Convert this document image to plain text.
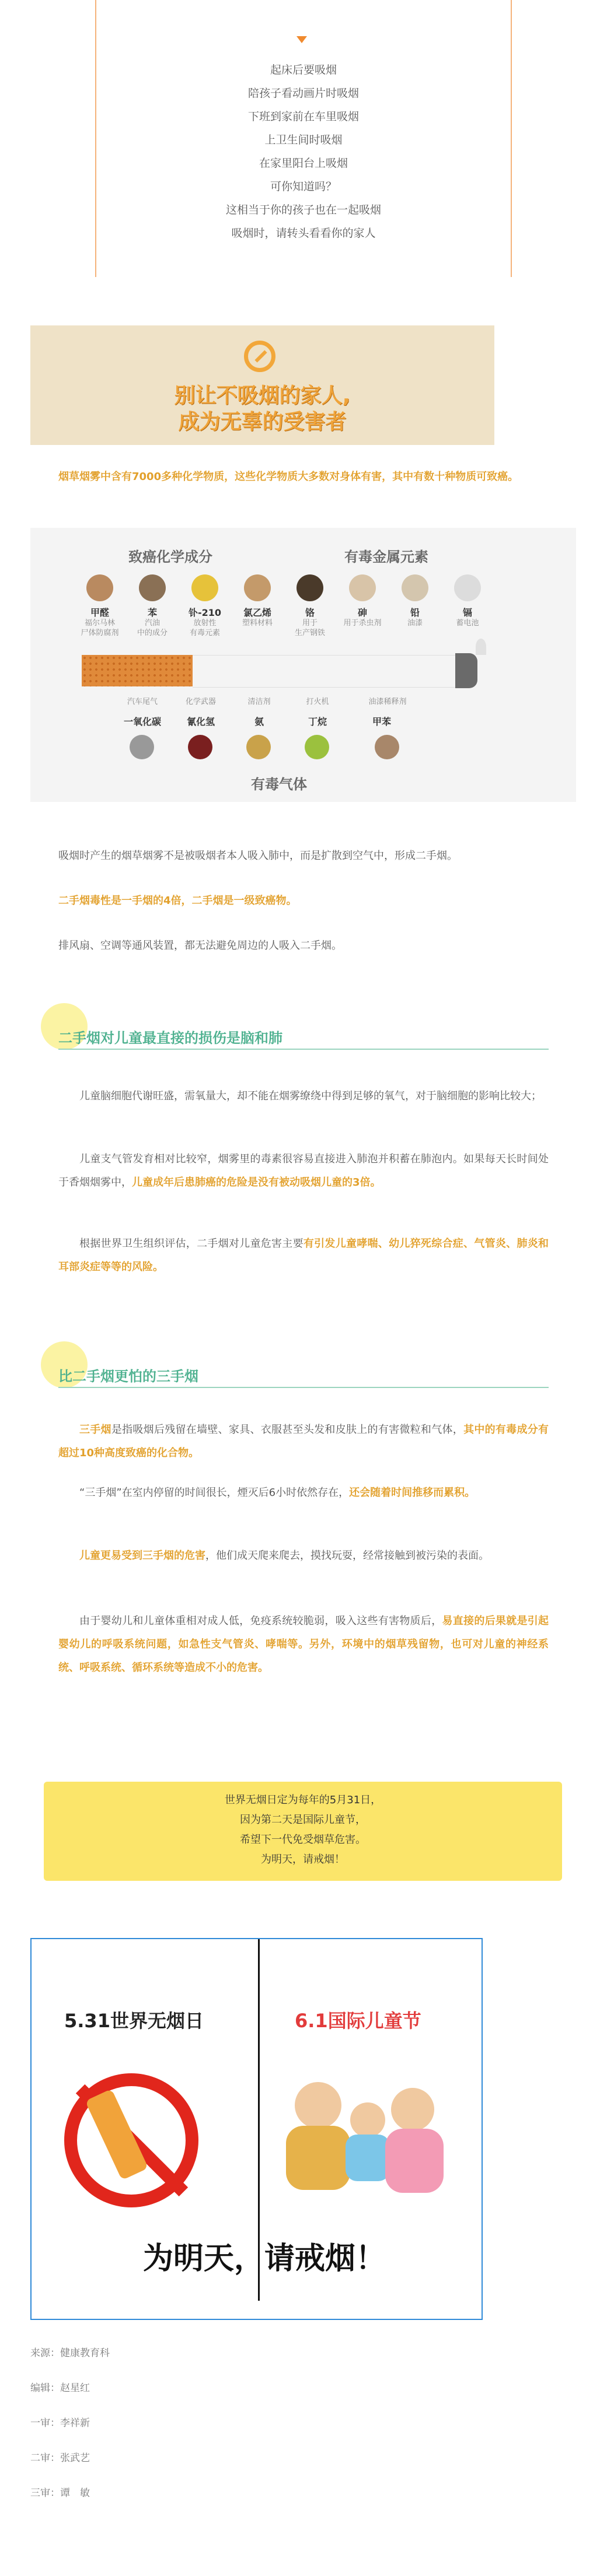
起床后要吸烟
陪孩子看动画片时吸烟
下班到家前在车里吸烟
上卫生间时吸烟
在家里阳台上吸烟
可你知道吗？
这相当于你的孩子也在一起吸烟
吸烟时，请转头看看你的家人
别让不吸烟的家人,
成为无辜的受害者
烟草烟雾中含有7000多种化学物质，这些化学物质大多数对身体有害，其中有数十种物质可致癌。
致癌化学成分	有毒金属元素
甲醛
福尔马林
尸体防腐剂
苯
汽油
中的成分
钋-210
放射性
有毒元素
氯乙烯
塑料材料
铬
用于
生产钢铁
砷
用于杀虫剂
铅
油漆
镉
蓄电池
汽车尾气	化学武器	清洁剂	打火机	油漆稀释剂
一氧化碳	氰化氢	氨	丁烷	甲苯
有毒气体
吸烟时产生的烟草烟雾不是被吸烟者本人吸入肺中，而是扩散到空气中，形成二手烟。
二手烟毒性是一手烟的4倍，二手烟是一级致癌物。
排风扇、空调等通风装置，都无法避免周边的人吸入二手烟。
二手烟对儿童最直接的损伤是脑和肺
儿童脑细胞代谢旺盛，需氧量大，却不能在烟雾缭绕中得到足够的氧气，对于脑细胞的影响比较大；
儿童支气管发育相对比较窄，烟雾里的毒素很容易直接进入肺泡并积蓄在肺泡内。如果每天长时间处于香烟烟雾中，儿童成年后患肺癌的危险是没有被动吸烟儿童的3倍。
根据世界卫生组织评估，二手烟对儿童危害主要有引发儿童哮喘、幼儿猝死综合症、气管炎、肺炎和耳部炎症等等的风险。
比二手烟更怕的三手烟
三手烟是指吸烟后残留在墙壁、家具、衣服甚至头发和皮肤上的有害微粒和气体，其中的有毒成分有超过10种高度致癌的化合物。
“三手烟”在室内停留的时间很长，煙灭后6小时依然存在，还会随着时间推移而累积。
儿童更易受到三手烟的危害，他们成天爬来爬去，摸找玩耍，经常接触到被污染的表面。
由于婴幼儿和儿童体重相对成人低，免疫系统较脆弱，吸入这些有害物质后，易直接的后果就是引起婴幼儿的呼吸系统问题，如急性支气管炎、哮喘等。另外，环境中的烟草残留物，也可对儿童的神经系统、呼吸系统、循环系统等造成不小的危害。
世界无烟日定为每年的5月31日，
因为第二天是国际儿童节，
希望下一代免受烟草危害。
为明天，请戒烟！
5.31世界无烟日	6.1国际儿童节
为明天，请戒烟！
来源：健康教育科
编辑：赵星红
一审：李祥新
二审：张武艺
三审：谭　敏
